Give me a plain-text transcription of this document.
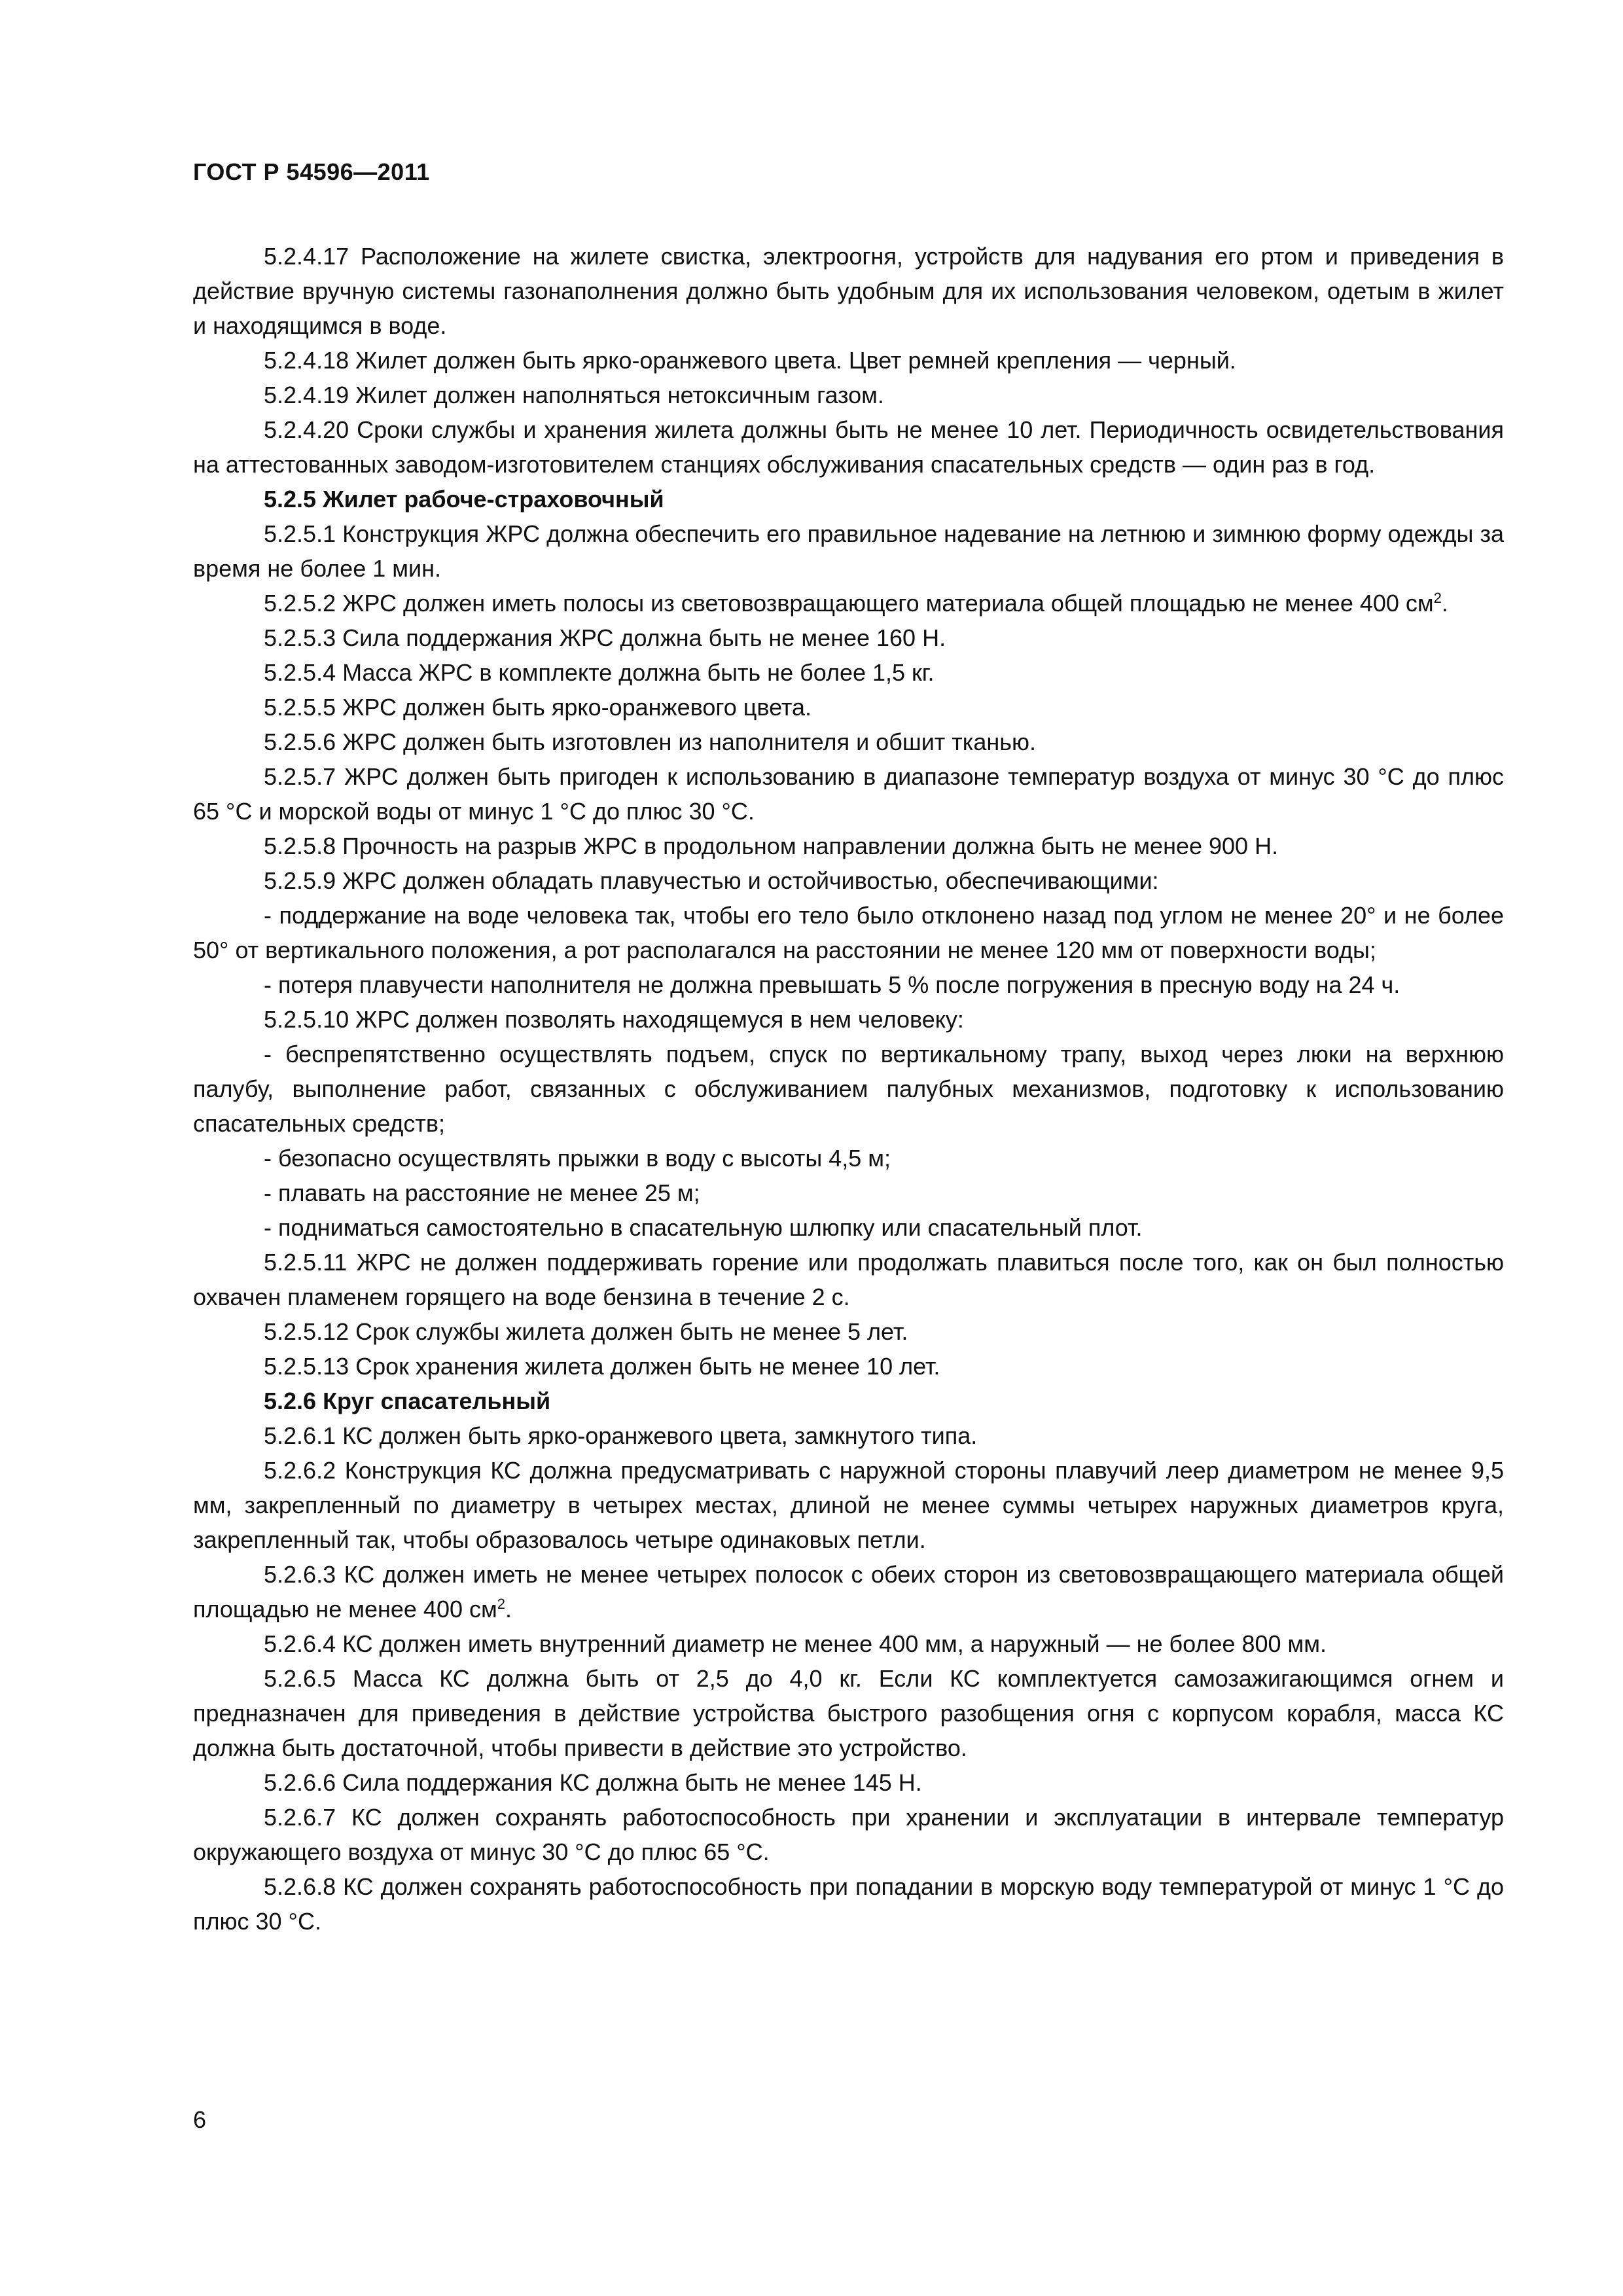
ГОСТ Р 54596—2011

5.2.4.17 Расположение на жилете свистка, электроогня, устройств для надувания его ртом и приведения в действие вручную системы газонаполнения должно быть удобным для их использования человеком, одетым в жилет и находящимся в воде.

5.2.4.18 Жилет должен быть ярко-оранжевого цвета. Цвет ремней крепления — черный.

5.2.4.19 Жилет должен наполняться нетоксичным газом.

5.2.4.20 Сроки службы и хранения жилета должны быть не менее 10 лет. Периодичность освидетельствования на аттестованных заводом-изготовителем станциях обслуживания спасательных средств — один раз в год.

5.2.5 Жилет рабоче-страховочный

5.2.5.1 Конструкция ЖРС должна обеспечить его правильное надевание на летнюю и зимнюю форму одежды за время не более 1 мин.

5.2.5.2 ЖРС должен иметь полосы из световозвращающего материала общей площадью не менее 400 $см^2$.

5.2.5.3 Сила поддержания ЖРС должна быть не менее 160 Н.

5.2.5.4 Масса ЖРС в комплекте должна быть не более 1,5 кг.

5.2.5.5 ЖРС должен быть ярко-оранжевого цвета.

5.2.5.6 ЖРС должен быть изготовлен из наполнителя и обшит тканью.

5.2.5.7 ЖРС должен быть пригоден к использованию в диапазоне температур воздуха от минус 30 °С до плюс 65 °С и морской воды от минус 1 °С до плюс 30 °С.

5.2.5.8 Прочность на разрыв ЖРС в продольном направлении должна быть не менее 900 Н.

5.2.5.9 ЖРС должен обладать плавучестью и остойчивостью, обеспечивающими:

- поддержание на воде человека так, чтобы его тело было отклонено назад под углом не менее 20° и не более 50° от вертикального положения, а рот располагался на расстоянии не менее 120 мм от поверхности воды;

- потеря плавучести наполнителя не должна превышать 5 % после погружения в пресную воду на 24 ч.

5.2.5.10 ЖРС должен позволять находящемуся в нем человеку:

- беспрепятственно осуществлять подъем, спуск по вертикальному трапу, выход через люки на верхнюю палубу, выполнение работ, связанных с обслуживанием палубных механизмов, подготовку к использованию спасательных средств;

- безопасно осуществлять прыжки в воду с высоты 4,5 м;

- плавать на расстояние не менее 25 м;

- подниматься самостоятельно в спасательную шлюпку или спасательный плот.

5.2.5.11 ЖРС не должен поддерживать горение или продолжать плавиться после того, как он был полностью охвачен пламенем горящего на воде бензина в течение 2 с.

5.2.5.12 Срок службы жилета должен быть не менее 5 лет.

5.2.5.13 Срок хранения жилета должен быть не менее 10 лет.

5.2.6 Круг спасательный

5.2.6.1 КС должен быть ярко-оранжевого цвета, замкнутого типа.

5.2.6.2 Конструкция КС должна предусматривать с наружной стороны плавучий леер диаметром не менее 9,5 мм, закрепленный по диаметру в четырех местах, длиной не менее суммы четырех наружных диаметров круга, закрепленный так, чтобы образовалось четыре одинаковых петли.

5.2.6.3 КС должен иметь не менее четырех полосок с обеих сторон из световозвращающего материала общей площадью не менее 400 $см^2$.

5.2.6.4 КС должен иметь внутренний диаметр не менее 400 мм, а наружный — не более 800 мм.

5.2.6.5 Масса КС должна быть от 2,5 до 4,0 кг. Если КС комплектуется самозажигающимся огнем и предназначен для приведения в действие устройства быстрого разобщения огня с корпусом корабля, масса КС должна быть достаточной, чтобы привести в действие это устройство.

5.2.6.6 Сила поддержания КС должна быть не менее 145 Н.

5.2.6.7 КС должен сохранять работоспособность при хранении и эксплуатации в интервале температур окружающего воздуха от минус 30 °С до плюс 65 °С.

5.2.6.8 КС должен сохранять работоспособность при попадании в морскую воду температурой от минус 1 °С до плюс 30 °С.

6
